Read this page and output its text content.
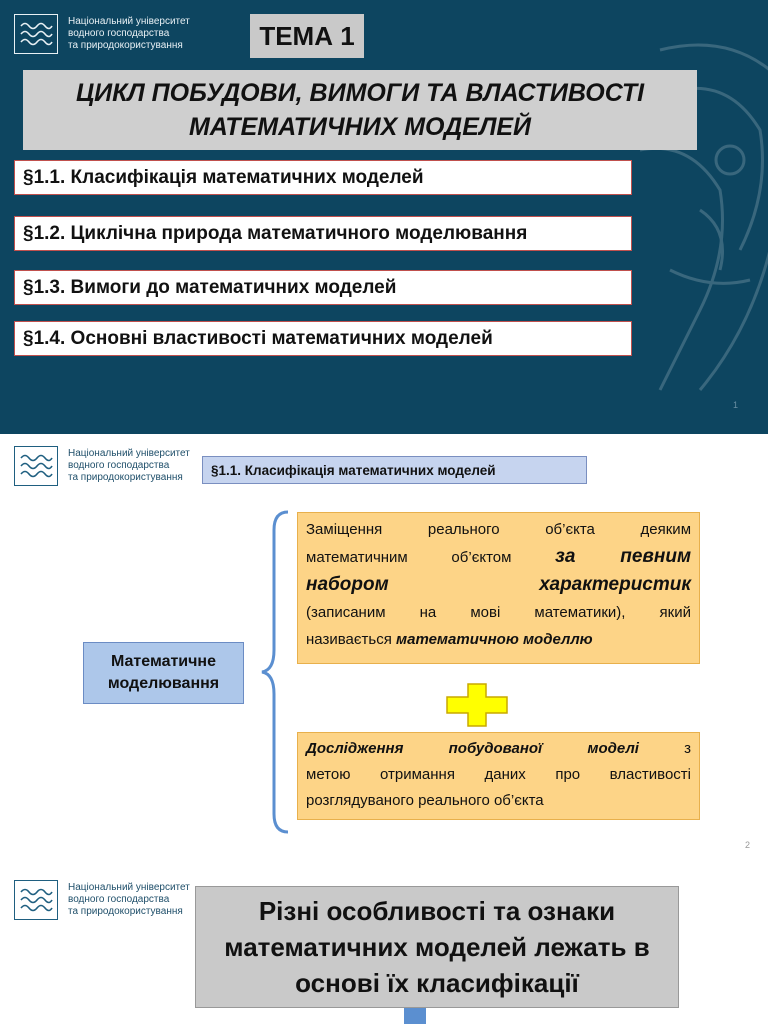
Національний університет
водного господарства
та природокористування	ТЕМА 1
ЦИКЛ ПОБУДОВИ, ВИМОГИ ТА ВЛАСТИВОСТІ
МАТЕМАТИЧНИХ МОДЕЛЕЙ
§1.1. Класифікація математичних моделей
§1.2. Циклічна природа математичного моделювання
§1.3. Вимоги до математичних моделей
§1.4. Основні властивості математичних моделей
1
Національний університет
водного господарства
та природокористування	§1.1. Класифікація математичних моделей
Математичне
моделювання
Заміщення реального об’єкта деяким
математичним об’єктом за певним
набором	характеристик
(записаним на мові математики), який
називається математичною моделлю
Дослідження побудованої моделі з
метою отримання даних про властивості
розглядуваного реального об’єкта
2
Національний університет
водного господарства
та природокористування	Різні особливості та ознаки
математичних моделей лежать в
основі їх класифікації
